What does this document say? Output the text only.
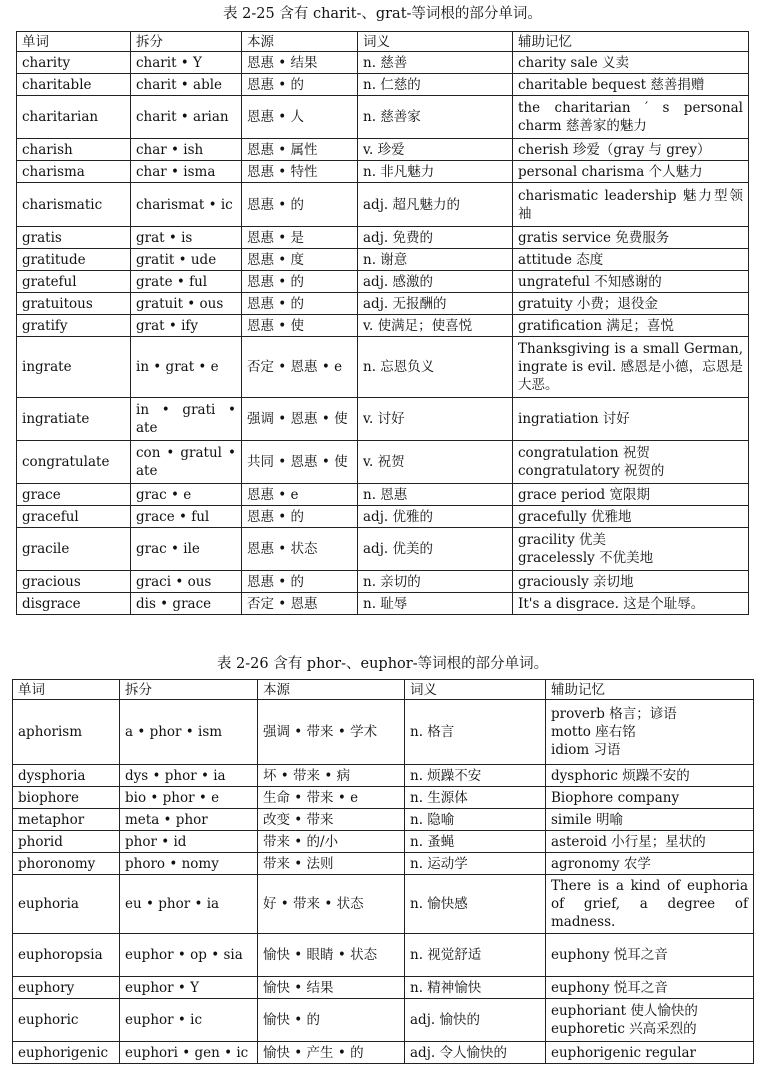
表 2-25 含有 charit-、grat-等词根的部分单词。
单词	拆分	本源	词义	辅助记忆
charity	charit • Y	恩惠 • 结果	n. 慈善	charity sale 义卖

charitable	charit • able	恩惠 • 的	n. 仁慈的	charitable bequest 慈善捐赠

charitarian	charit • arian	恩惠 • 人	n. 慈善家	the charitarian ′ s personal charm 慈善家的魅力

charish	char • ish	恩惠 • 属性	v. 珍爱	cherish 珍爱（gray 与 grey）

charisma	char • isma	恩惠 • 特性	n. 非凡魅力	personal charisma 个人魅力

charismatic	charismat • ic	恩惠 • 的	adj. 超凡魅力的	charismatic leadership 魅力型领袖

gratis	grat • is	恩惠 • 是	adj. 免费的	gratis service 免费服务

gratitude	gratit • ude	恩惠 • 度	n. 谢意	attitude 态度

grateful	grate • ful	恩惠 • 的	adj. 感激的	ungrateful 不知感谢的

gratuitous	gratuit • ous	恩惠 • 的	adj. 无报酬的	gratuity 小费；退役金

gratify	grat • ify	恩惠 • 使	v. 使满足；使喜悦	gratification 满足；喜悦

ingrate	in • grat • e	否定 • 恩惠 • e	n. 忘恩负义	Thanksgiving is a small German, ingrate is evil. 感恩是小德，忘恩是大恶。

ingratiate	in • grati • ate	强调 • 恩惠 • 使	v. 讨好	ingratiation 讨好

congratulate	con • gratul • ate	共同 • 恩惠 • 使	v. 祝贺	congratulation 祝贺
congratulatory 祝贺的

grace	grac • e	恩惠 • e	n. 恩惠	grace period 宽限期

graceful	grace • ful	恩惠 • 的	adj. 优雅的	gracefully 优雅地

gracile	grac • ile	恩惠 • 状态	adj. 优美的	gracility 优美
gracelessly 不优美地

gracious	graci • ous	恩惠 • 的	n. 亲切的	graciously 亲切地

disgrace	dis • grace	否定 • 恩惠	n. 耻辱	It's a disgrace. 这是个耻辱。
表 2-26 含有 phor-、euphor-等词根的部分单词。
单词	拆分	本源	词义	辅助记忆
aphorism	a • phor • ism	强调 • 带来 • 学术	n. 格言	proverb 格言；谚语
motto 座右铭
idiom 习语

dysphoria	dys • phor • ia	坏 • 带来 • 病	n. 烦躁不安	dysphoric 烦躁不安的

biophore	bio • phor • e	生命 • 带来 • e	n. 生源体	Biophore company

metaphor	meta • phor	改变 • 带来	n. 隐喻	simile 明喻

phorid	phor • id	带来 • 的/小	n. 蚤蝇	asteroid 小行星；星状的

phoronomy	phoro • nomy	带来 • 法则	n. 运动学	agronomy 农学

euphoria	eu • phor • ia	好 • 带来 • 状态	n. 愉快感	There is a kind of euphoria of grief, a degree of madness.

euphoropsia	euphor • op • sia	愉快 • 眼睛 • 状态	n. 视觉舒适	euphony 悦耳之音

euphory	euphor • Y	愉快 • 结果	n. 精神愉快	euphony 悦耳之音

euphoric	euphor • ic	愉快 • 的	adj. 愉快的	euphoriant 使人愉快的
euphoretic 兴高采烈的

euphorigenic	euphori • gen • ic	愉快 • 产生 • 的	adj. 令人愉快的	euphorigenic regular
